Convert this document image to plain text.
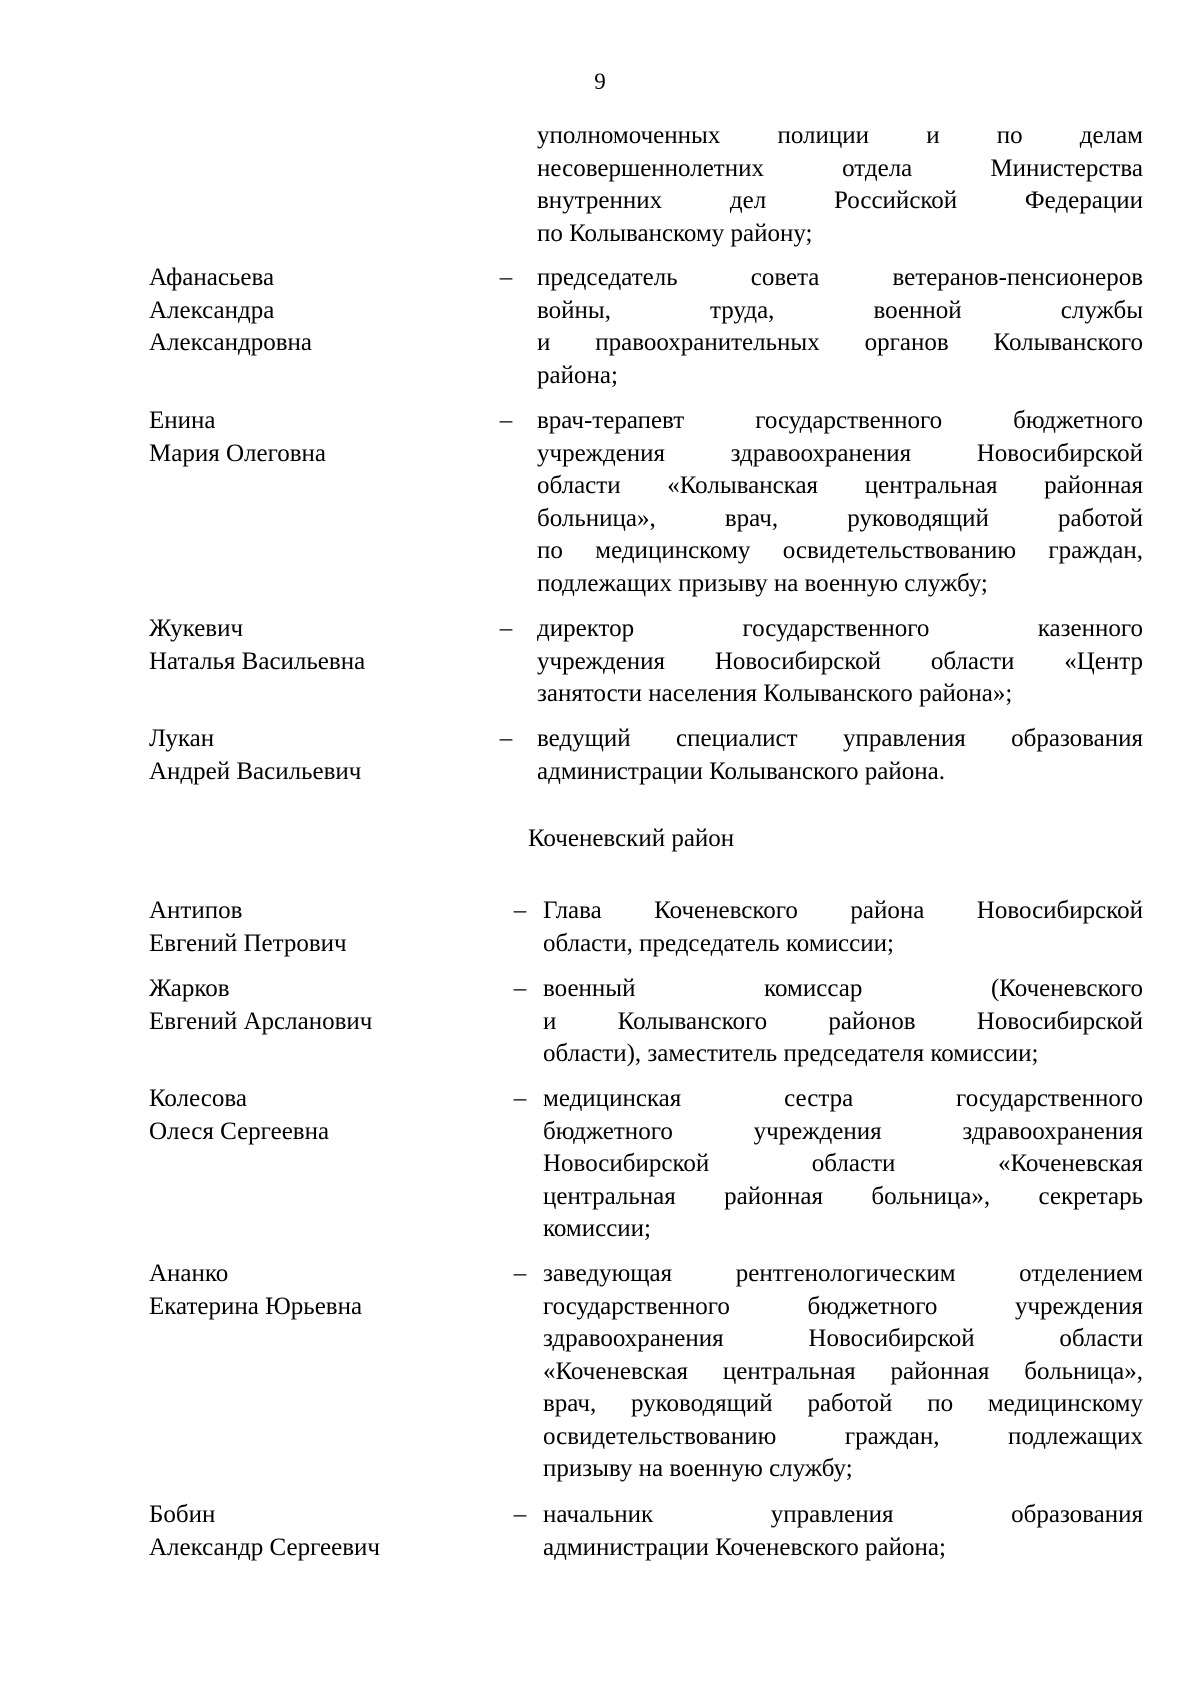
9
уполномоченных полиции и по делам
несовершеннолетних отдела Министерства
внутренних дел Российской Федерации
по Колыванскому району;
Афанасьева
Александра
Александровна
– председатель совета ветеранов-пенсионеров
войны, труда, военной службы
и правоохранительных органов Колыванского
района;
Енина
Мария Олеговна
– врач-терапевт государственного бюджетного
учреждения здравоохранения Новосибирской
области «Колыванская центральная районная
больница», врач, руководящий работой
по медицинскому освидетельствованию граждан,
подлежащих призыву на военную службу;
Жукевич
Наталья Васильевна
– директор государственного казенного
учреждения Новосибирской области «Центр
занятости населения Колыванского района»;
Лукан
Андрей Васильевич
– ведущий специалист управления образования
администрации Колыванского района.
Коченевский район
Антипов
Евгений Петрович
– Глава Коченевского района Новосибирской
области, председатель комиссии;
Жарков
Евгений Арсланович
– военный комиссар (Коченевского
и Колыванского районов Новосибирской
области), заместитель председателя комиссии;
Колесова
Олеся Сергеевна
– медицинская сестра государственного
бюджетного учреждения здравоохранения
Новосибирской области «Коченевская
центральная районная больница», секретарь
комиссии;
Ананко
Екатерина Юрьевна
– заведующая рентгенологическим отделением
государственного бюджетного учреждения
здравоохранения Новосибирской области
«Коченевская центральная районная больница»,
врач, руководящий работой по медицинскому
освидетельствованию граждан, подлежащих
призыву на военную службу;
Бобин
Александр Сергеевич
– начальник управления образования
администрации Коченевского района;
